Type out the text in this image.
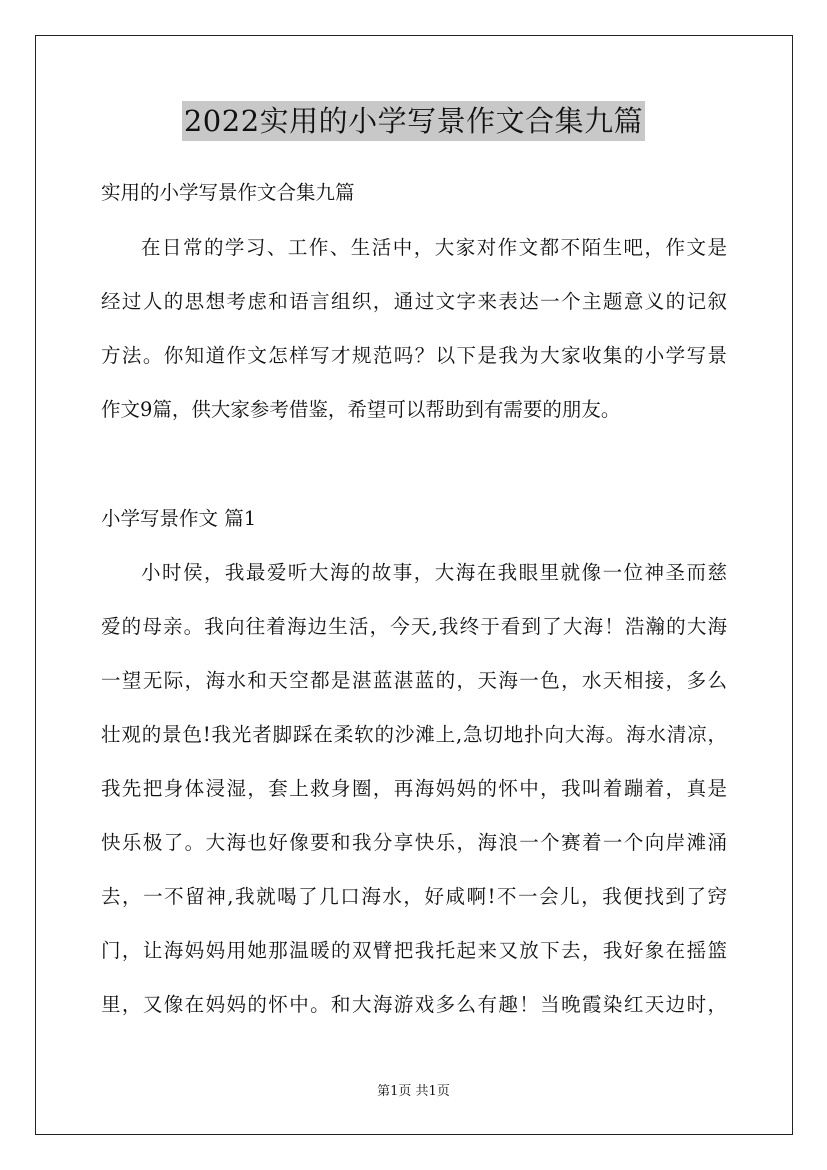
2022实用的小学写景作文合集九篇
实用的小学写景作文合集九篇
在日常的学习、工作、生活中，大家对作文都不陌生吧，作文是
经过人的思想考虑和语言组织，通过文字来表达一个主题意义的记叙
方法。你知道作文怎样写才规范吗？以下是我为大家收集的小学写景
作文9篇，供大家参考借鉴，希望可以帮助到有需要的朋友。
小学写景作文 篇1
小时侯，我最爱听大海的故事，大海在我眼里就像一位神圣而慈
爱的母亲。我向往着海边生活，今天,我终于看到了大海！浩瀚的大海
一望无际，海水和天空都是湛蓝湛蓝的，天海一色，水天相接，多么
壮观的景色!我光者脚踩在柔软的沙滩上,急切地扑向大海。海水清凉，
我先把身体浸湿，套上救身圈，再海妈妈的怀中，我叫着蹦着，真是
快乐极了。大海也好像要和我分享快乐，海浪一个赛着一个向岸滩涌
去，一不留神,我就喝了几口海水，好咸啊!不一会儿，我便找到了窍
门，让海妈妈用她那温暖的双臂把我托起来又放下去，我好象在摇篮
里，又像在妈妈的怀中。和大海游戏多么有趣！当晚霞染红天边时，
第1页 共1页
